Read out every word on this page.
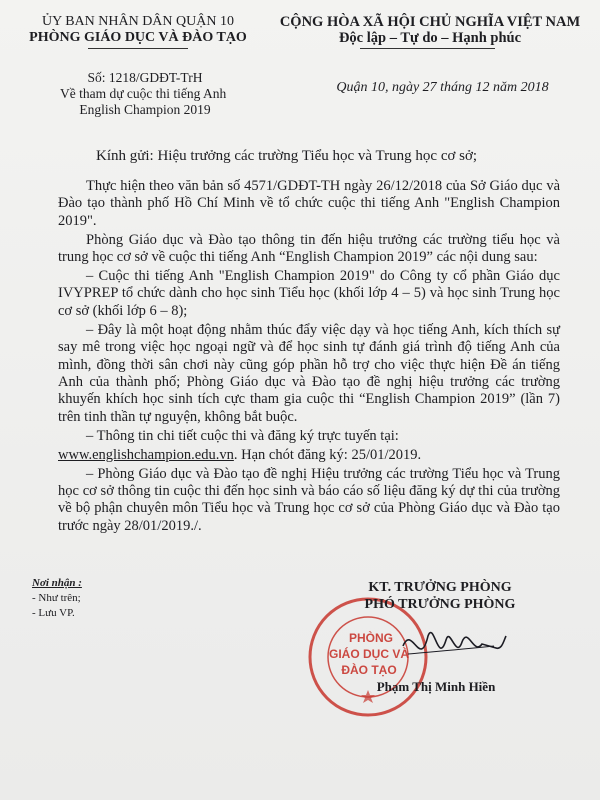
ỦY BAN NHÂN DÂN QUẬN 10
PHÒNG GIÁO DỤC VÀ ĐÀO TẠO
CỘNG HÒA XÃ HỘI CHỦ NGHĨA VIỆT NAM
Độc lập – Tự do – Hạnh phúc
Số: 1218/GDĐT-TrH
Về tham dự cuộc thi tiếng Anh
English Champion 2019
Quận 10, ngày 27 tháng 12 năm 2018
Kính gửi: Hiệu trưởng các trường Tiểu học và Trung học cơ sở;

Thực hiện theo văn bản số 4571/GDĐT-TH ngày 26/12/2018 của Sở Giáo dục và Đào tạo thành phố Hồ Chí Minh về tổ chức cuộc thi tiếng Anh "English Champion 2019".

Phòng Giáo dục và Đào tạo thông tin đến hiệu trưởng các trường tiểu học và trung học cơ sở về cuộc thi tiếng Anh “English Champion 2019” các nội dung sau:

– Cuộc thi tiếng Anh "English Champion 2019" do Công ty cổ phần Giáo dục IVYPREP tổ chức dành cho học sinh Tiểu học (khối lớp 4 – 5) và học sinh Trung học cơ sở (khối lớp 6 – 8);

– Đây là một hoạt động nhằm thúc đẩy việc dạy và học tiếng Anh, kích thích sự say mê trong việc học ngoại ngữ và để học sinh tự đánh giá trình độ tiếng Anh của mình, đồng thời sân chơi này cũng góp phần hỗ trợ cho việc thực hiện Đề án tiếng Anh của thành phố; Phòng Giáo dục và Đào tạo đề nghị hiệu trưởng các trường khuyến khích học sinh tích cực tham gia cuộc thi “English Champion 2019” (lần 7) trên tinh thần tự nguyện, không bắt buộc.

– Thông tin chi tiết cuộc thi và đăng ký trực tuyến tại:

www.englishchampion.edu.vn. Hạn chót đăng ký: 25/01/2019.

– Phòng Giáo dục và Đào tạo đề nghị Hiệu trưởng các trường Tiểu học và Trung học cơ sở thông tin cuộc thi đến học sinh và báo cáo số liệu đăng ký dự thi của trường về bộ phận chuyên môn Tiểu học và Trung học cơ sở của Phòng Giáo dục và Đào tạo trước ngày 28/01/2019./.

Nơi nhận :
- Như trên;
- Lưu VP.
PHÒNG
GIÁO DỤC VÀ
ĐÀO TẠO
KT. TRƯỞNG PHÒNG
PHÓ TRƯỞNG PHÒNG
Phạm Thị Minh Hiền
